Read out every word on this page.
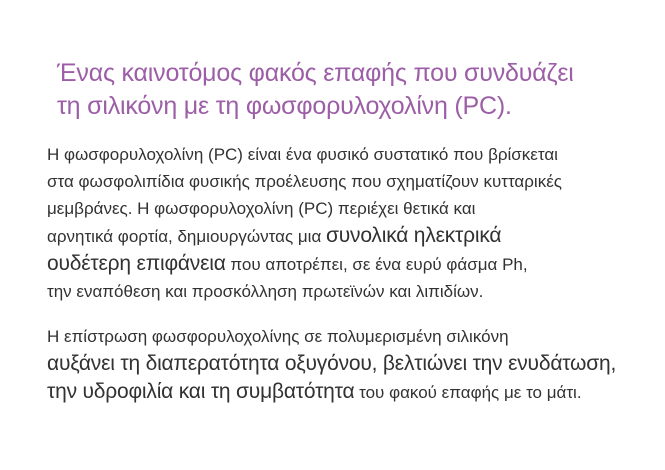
Ένας καινοτόμος φακός επαφής που συνδυάζει
τη σιλικόνη με τη φωσφορυλοχολίνη (PC).
Η φωσφορυλοχολίνη (PC) είναι ένα φυσικό συστατικό που βρίσκεται
στα φωσφολιπίδια φυσικής προέλευσης που σχηματίζουν κυτταρικές
μεμβράνες. Η φωσφορυλοχολίνη (PC) περιέχει θετικά και
αρνητικά φορτία, δημιουργώντας μια συνολικά ηλεκτρικά
ουδέτερη επιφάνεια που αποτρέπει, σε ένα ευρύ φάσμα Ph,
την εναπόθεση και προσκόλληση πρωτεϊνών και λιπιδίων.
Η επίστρωση φωσφορυλοχολίνης σε πολυμερισμένη σιλικόνη
αυξάνει τη διαπερατότητα οξυγόνου, βελτιώνει την ενυδάτωση,
την υδροφιλία και τη συμβατότητα του φακού επαφής με το μάτι.
